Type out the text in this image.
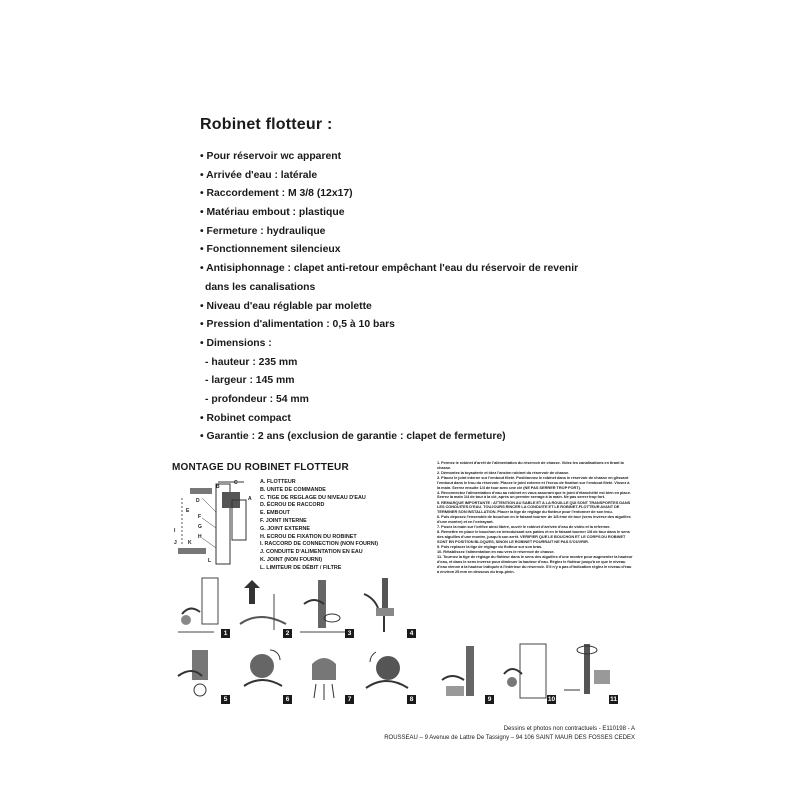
Robinet flotteur :
• Pour réservoir wc apparent
• Arrivée d'eau : latérale
• Raccordement : M 3/8 (12x17)
• Matériau embout : plastique
• Fermeture : hydraulique
• Fonctionnement silencieux
• Antisiphonnage : clapet anti-retour empêchant l'eau du réservoir de revenir
dans les canalisations
• Niveau d'eau réglable par molette
• Pression d'alimentation : 0,5 à 10 bars
• Dimensions :
- hauteur : 235 mm
- largeur : 145 mm
- profondeur : 54 mm
• Robinet compact
• Garantie : 2 ans (exclusion de garantie : clapet de fermeture)
MONTAGE DU ROBINET FLOTTEUR
A
B
C
D
E
F
G
H
I
J K
L
A. FLOTTEUR
B. UNITE DE COMMANDE
C. TIGE DE REGLAGE DU NIVEAU D'EAU
D. ÉCROU DE RACCORD
E. EMBOUT
F. JOINT INTERNE
G. JOINT EXTERNE
H. ECROU DE FIXATION DU ROBINET
I. RACCORD DE CONNECTION (NON FOURNI)
J. CONDUITE D'ALIMENTATION EN EAU
K. JOINT (NON FOURNI)
L. LIMITEUR DE DÉBIT / FILTRE
1. Fermez le robinet d'arrêt de l'alimentation du réservoir de chasse. Videz les canalisations en tirant la chasse.
2. Démontez la tuyauterie et ôtez l'ancien robinet du réservoir de chasse.
3. Placez le joint interne sur l'embout fileté. Positionnez le robinet dans le réservoir de chasse en glissant l'embout dans le trou du réservoir. Placez le joint externe et l'écrou de fixation sur l'embout fileté. Vissez à la main. Serrez ensuite 1/4 de tour avec une clé (NE PAS SERRER TROP FORT).
4. Reconnectez l'alimentation d'eau au robinet en vous assurant que le joint d'étanchéité est bien en place. Serrez la main 1/4 de tour à la clé, après un premier serrage à la main. Ne pas serrer trop fort.
5. REMARQUE IMPORTANTE : ATTENTION AU SABLE ET A LA ROUILLE QUI SONT TRANSPORTES DANS LES CONDUITES D'EAU. TOUJOURS RINCER LA CONDUITE ET LE ROBINET-FLOTTEUR AVANT DE TERMINER SON INSTALLATION. Placer la tige de réglage du flotteur pour l'entonner de son trou.
6. Puis déposez l'ensemble de bouchon en le faisant tourner de 1/8 ème de tour (sens inverse des aiguilles d'une montre) et en l'extrayant.
7. Posez la main sur l'orifice ainsi libéré, ouvrir le robinet d'arrivée d'eau de vidéo et la refermer.
8. Remettre en place le bouchon en introduisant ses pattes et en le faisant tourner 1/8 de tour dans le sens des aiguilles d'une montre, jusqu'à son arrêt. VERIFIER QUE LE BOUCHON ET LE CORPS DU ROBINET SONT EN POSITION BLOQUES, SINON LE ROBINET POURRAIT NE PAS S'OUVRIR.
9. Puis replacer la tige de réglage du flotteur sur son bras.
10. Rétablissez l'alimentation en eau vers le réservoir de chasse.
11. Tournez la tige de réglage du flotteur dans le sens des aiguilles d'une montre pour augmenter la hauteur d'eau, et dans le sens inverse pour diminuer la hauteur d'eau. Réglez le flotteur jusqu'à ce que le niveau d'eau vienne à la hauteur indiquée à l'intérieur du réservoir. S'il n'y a pas d'indication réglez le niveau d'eau à environ 25 mm en dessous du trop-plein.
1	2	3	4
5	6	7	8	9	10	11
Dessins et photos non contractuels - E110198 - A
ROUSSEAU – 9 Avenue de Lattre De Tassigny – 94 106 SAINT MAUR DES FOSSES CEDEX
